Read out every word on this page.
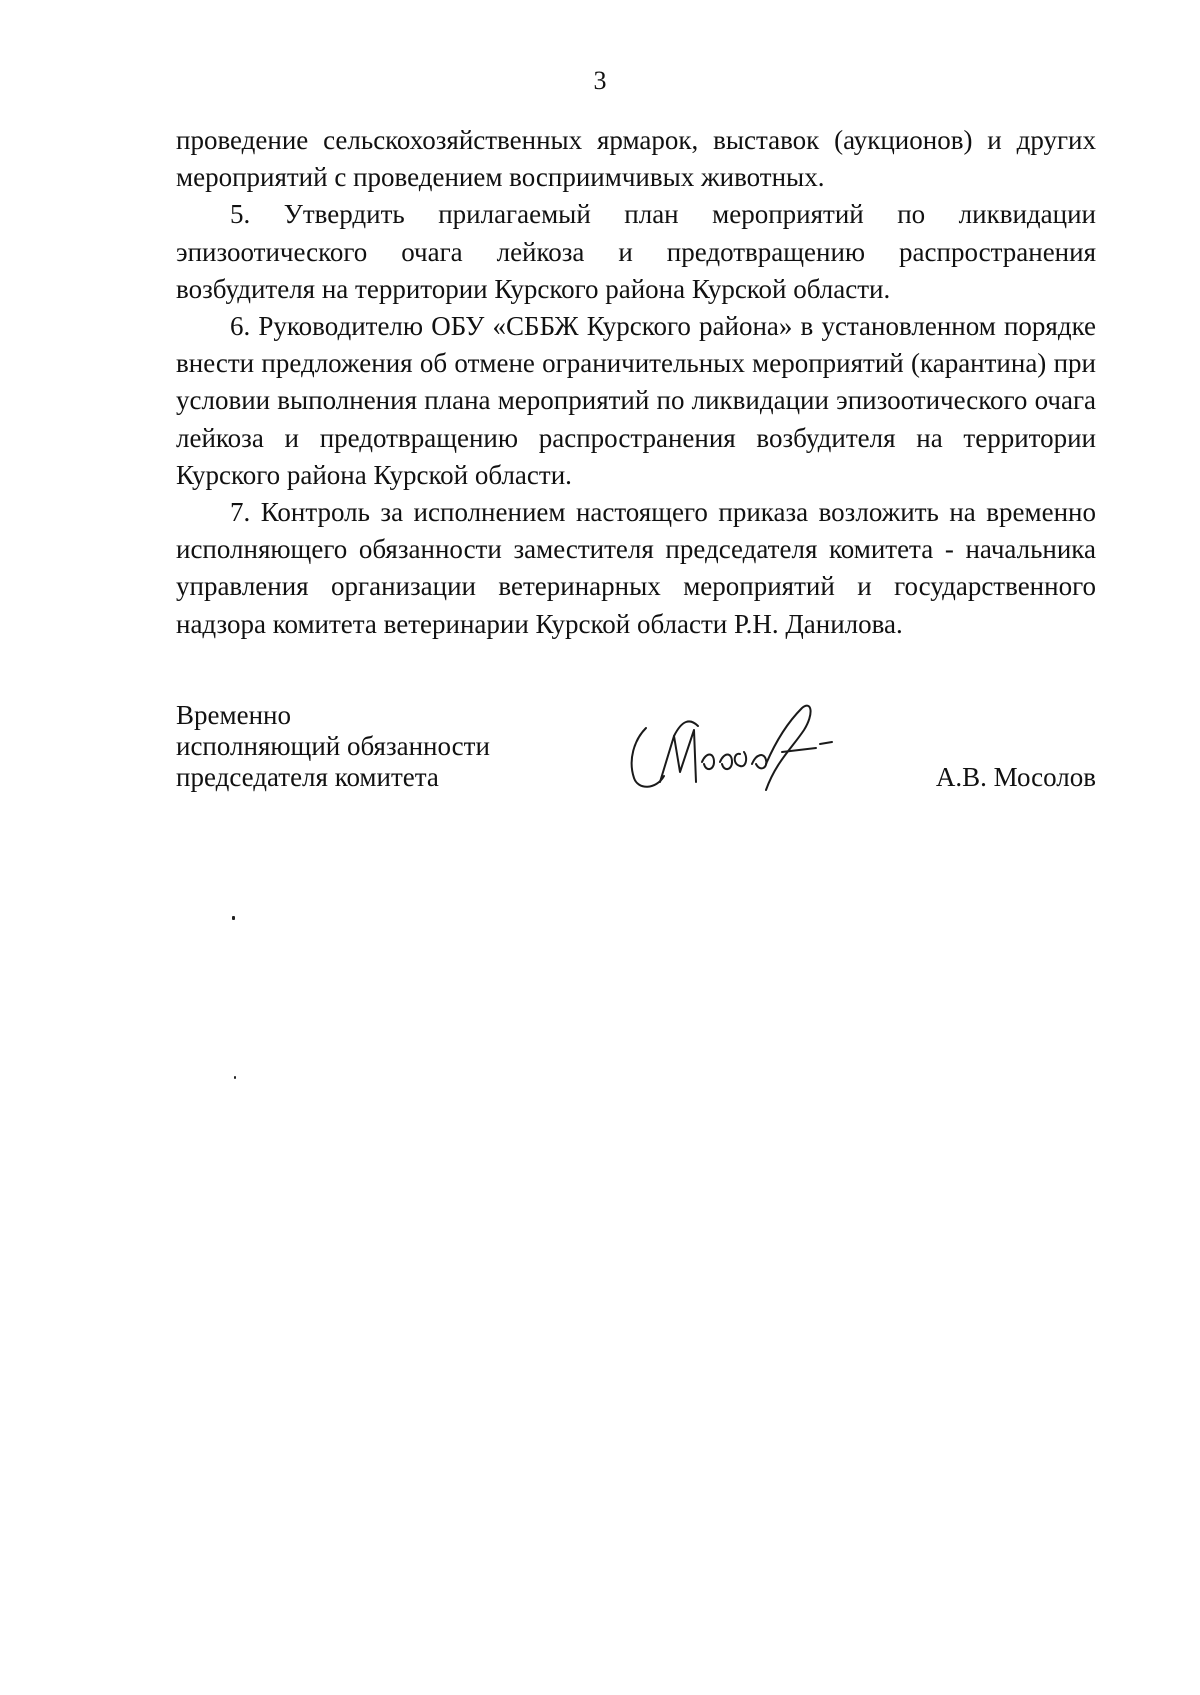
3

проведение сельскохозяйственных ярмарок, выставок (аукционов) и других мероприятий с проведением восприимчивых животных.

5. Утвердить прилагаемый план мероприятий по ликвидации эпизоотического очага лейкоза и предотвращению распространения возбудителя на территории Курского района Курской области.

6. Руководителю ОБУ «СББЖ Курского района» в установленном порядке внести предложения об отмене ограничительных мероприятий (карантина) при условии выполнения плана мероприятий по ликвидации эпизоотического очага лейкоза и предотвращению распространения возбудителя на территории Курского района Курской области.

7. Контроль за исполнением настоящего приказа возложить на временно исполняющего обязанности заместителя председателя комитета - начальника управления организации ветеринарных мероприятий и государственного надзора комитета ветеринарии Курской области Р.Н. Данилова.

Временно
исполняющий обязанности
председателя комитета	А.В. Мосолов
